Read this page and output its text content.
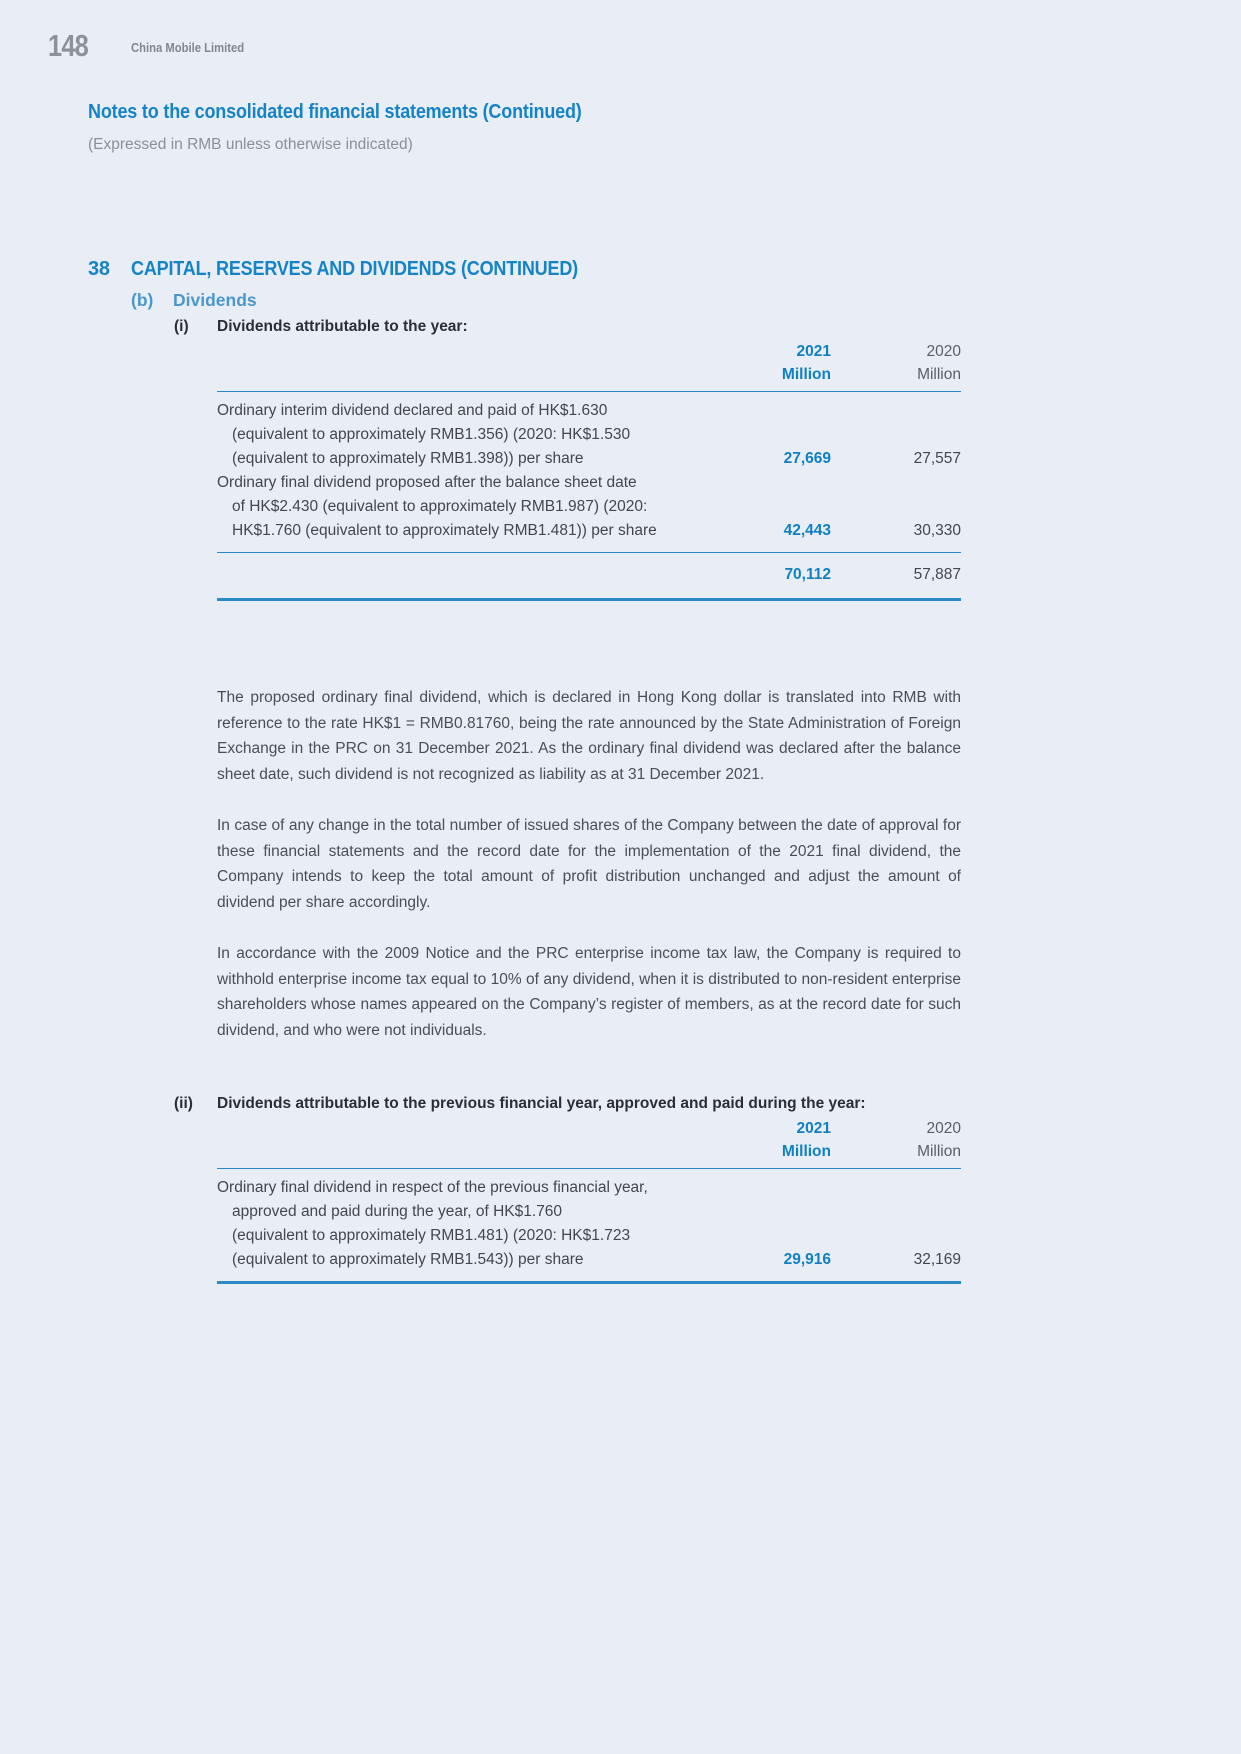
148	China Mobile Limited
Notes to the consolidated financial statements (Continued)
(Expressed in RMB unless otherwise indicated)
38	CAPITAL, RESERVES AND DIVIDENDS (CONTINUED)
(b)	Dividends
(i)	Dividends attributable to the year:
2021
Million
2020
Million
Ordinary interim dividend declared and paid of HK$1.630
(equivalent to approximately RMB1.356) (2020: HK$1.530
(equivalent to approximately RMB1.398)) per share	27,669	27,557
Ordinary final dividend proposed after the balance sheet date
of HK$2.430 (equivalent to approximately RMB1.987) (2020:
HK$1.760 (equivalent to approximately RMB1.481)) per share	42,443	30,330
70,112	57,887
The proposed ordinary final dividend, which is declared in Hong Kong dollar is translated into RMB with reference to the rate HK$1 = RMB0.81760, being the rate announced by the State Administration of Foreign Exchange in the PRC on 31 December 2021. As the ordinary final dividend was declared after the balance sheet date, such dividend is not recognized as liability as at 31 December 2021.
In case of any change in the total number of issued shares of the Company between the date of approval for these financial statements and the record date for the implementation of the 2021 final dividend, the Company intends to keep the total amount of profit distribution unchanged and adjust the amount of dividend per share accordingly.
In accordance with the 2009 Notice and the PRC enterprise income tax law, the Company is required to withhold enterprise income tax equal to 10% of any dividend, when it is distributed to non-resident enterprise shareholders whose names appeared on the Company’s register of members, as at the record date for such dividend, and who were not individuals.
(ii)	Dividends attributable to the previous financial year, approved and paid during the year:
2021
Million
2020
Million
Ordinary final dividend in respect of the previous financial year,
approved and paid during the year, of HK$1.760
(equivalent to approximately RMB1.481) (2020: HK$1.723
(equivalent to approximately RMB1.543)) per share	29,916	32,169
